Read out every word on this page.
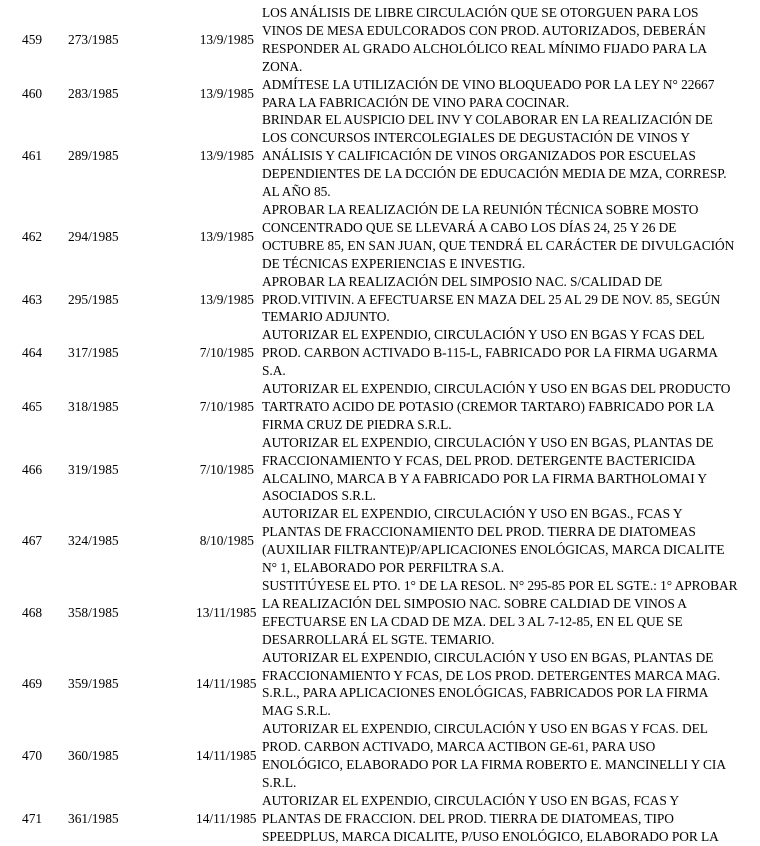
459	273/1985	13/9/1985	LOS ANÁLISIS DE LIBRE CIRCULACIÓN QUE SE OTORGUEN PARA LOS
VINOS DE MESA EDULCORADOS CON PROD. AUTORIZADOS, DEBERÁN
RESPONDER AL GRADO ALCHOLÓLICO REAL MÍNIMO FIJADO PARA LA
ZONA.
460	283/1985	13/9/1985	ADMÍTESE LA UTILIZACIÓN DE VINO BLOQUEADO POR LA LEY N° 22667
PARA LA FABRICACIÓN DE VINO PARA COCINAR.
461	289/1985	13/9/1985	BRINDAR EL AUSPICIO DEL INV Y COLABORAR EN LA REALIZACIÓN DE
LOS CONCURSOS INTERCOLEGIALES DE DEGUSTACIÓN DE VINOS Y
ANÁLISIS Y CALIFICACIÓN DE VINOS ORGANIZADOS POR ESCUELAS
DEPENDIENTES DE LA DCCIÓN DE EDUCACIÓN MEDIA DE MZA, CORRESP.
AL AÑO 85.
462	294/1985	13/9/1985	APROBAR LA REALIZACIÓN DE LA REUNIÓN TÉCNICA SOBRE MOSTO
CONCENTRADO QUE SE LLEVARÁ A CABO LOS DÍAS 24, 25 Y 26 DE
OCTUBRE 85, EN SAN JUAN, QUE TENDRÁ EL CARÁCTER DE DIVULGACIÓN
DE TÉCNICAS EXPERIENCIAS E INVESTIG.
463	295/1985	13/9/1985	APROBAR LA REALIZACIÓN DEL SIMPOSIO NAC. S/CALIDAD DE
PROD.VITIVIN. A EFECTUARSE EN MAZA DEL 25 AL 29 DE NOV. 85, SEGÚN
TEMARIO ADJUNTO.
464	317/1985	7/10/1985	AUTORIZAR EL EXPENDIO, CIRCULACIÓN Y USO EN BGAS Y FCAS DEL
PROD. CARBON ACTIVADO B-115-L, FABRICADO POR LA FIRMA UGARMA
S.A.
465	318/1985	7/10/1985	AUTORIZAR EL EXPENDIO, CIRCULACIÓN Y USO EN BGAS DEL PRODUCTO
TARTRATO ACIDO DE POTASIO (CREMOR TARTARO) FABRICADO POR LA
FIRMA CRUZ DE PIEDRA S.R.L.
466	319/1985	7/10/1985	AUTORIZAR EL EXPENDIO, CIRCULACIÓN Y USO EN BGAS, PLANTAS DE
FRACCIONAMIENTO Y FCAS, DEL PROD. DETERGENTE BACTERICIDA
ALCALINO, MARCA B Y A FABRICADO POR LA FIRMA BARTHOLOMAI Y
ASOCIADOS S.R.L.
467	324/1985	8/10/1985	AUTORIZAR EL EXPENDIO, CIRCULACIÓN Y USO EN BGAS., FCAS Y
PLANTAS DE FRACCIONAMIENTO DEL PROD. TIERRA DE DIATOMEAS
(AUXILIAR FILTRANTE)P/APLICACIONES ENOLÓGICAS, MARCA DICALITE
N° 1, ELABORADO POR PERFILTRA S.A.
468	358/1985	13/11/1985	SUSTITÚYESE EL PTO. 1° DE LA RESOL. N° 295-85 POR EL SGTE.: 1° APROBAR
LA REALIZACIÓN DEL SIMPOSIO NAC. SOBRE CALDIAD DE VINOS A
EFECTUARSE EN LA CDAD DE MZA. DEL 3 AL 7-12-85, EN EL QUE SE
DESARROLLARÁ EL SGTE. TEMARIO.
469	359/1985	14/11/1985	AUTORIZAR EL EXPENDIO, CIRCULACIÓN Y USO EN BGAS, PLANTAS DE
FRACCIONAMIENTO Y FCAS, DE LOS PROD. DETERGENTES MARCA MAG.
S.R.L., PARA APLICACIONES ENOLÓGICAS, FABRICADOS POR LA FIRMA
MAG S.R.L.
470	360/1985	14/11/1985	AUTORIZAR EL EXPENDIO, CIRCULACIÓN Y USO EN BGAS Y FCAS. DEL
PROD. CARBON ACTIVADO, MARCA ACTIBON GE-61, PARA USO
ENOLÓGICO, ELABORADO POR LA FIRMA ROBERTO E. MANCINELLI Y CIA
S.R.L.
471	361/1985	14/11/1985	AUTORIZAR EL EXPENDIO, CIRCULACIÓN Y USO EN BGAS, FCAS Y
PLANTAS DE FRACCION. DEL PROD. TIERRA DE DIATOMEAS, TIPO
SPEEDPLUS, MARCA DICALITE, P/USO ENOLÓGICO, ELABORADO POR LA
